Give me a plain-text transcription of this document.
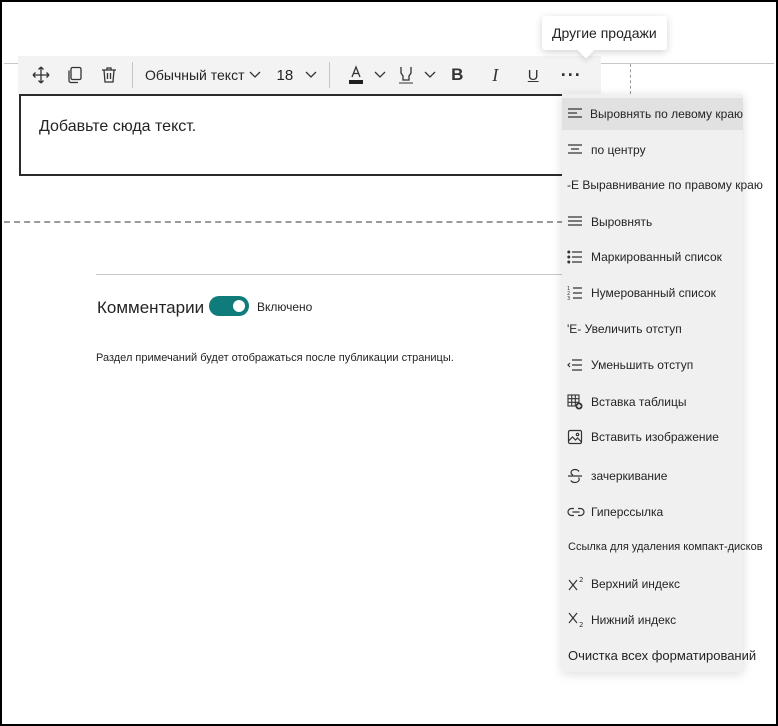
Обычный текст 18	B	I	U	···
Другие продажи
Добавьте сюда текст.
Комментарии	Включено
Раздел примечаний будет отображаться после публикации страницы.
Выровнять по левому краю
по центру
-Е Выравнивание по правому краю
Выровнять
Маркированный список
1
2
3 Нумерованный список
'Е- Увеличить отступ
Уменьшить отступ
Вставка таблицы
Вставить изображение
зачеркивание
Гиперссылка
Ссылка для удаления компакт-дисков
2 Верхний индекс
2 Нижний индекс
Очистка всех форматирований
